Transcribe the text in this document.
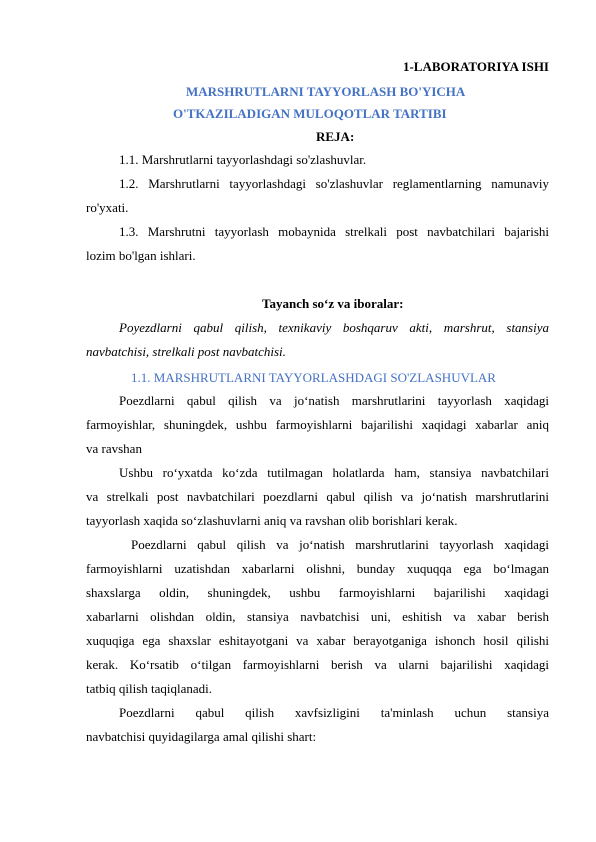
1-LABORATORIYA ISHI
MARSHRUTLARNI TAYYORLASH BO'YICHA
O'TKAZILADIGAN MULOQOTLAR TARTIBI
REJA:
1.1. Marshrutlarni tayyorlashdagi so'zlashuvlar.
1.2. Marshrutlarni tayyorlashdagi so'zlashuvlar reglamentlarning namunaviy
ro'yxati.
1.3. Marshrutni tayyorlash mobaynida strelkali post navbatchilari bajarishi
lozim bo'lgan ishlari.
Tayanch so‘z va iboralar:
Poyezdlarni qabul qilish, texnikaviy boshqaruv akti, marshrut, stansiya
navbatchisi, strelkali post navbatchisi.
1.1. MARSHRUTLARNI TAYYORLASHDAGI SO'ZLASHUVLAR
Poezdlarni qabul qilish va jo‘natish marshrutlarini tayyorlash xaqidagi
farmoyishlar, shuningdek, ushbu farmoyishlarni bajarilishi xaqidagi xabarlar aniq
va ravshan
Ushbu ro‘yxatda ko‘zda tutilmagan holatlarda ham, stansiya navbatchilari
va strelkali post navbatchilari poezdlarni qabul qilish va jo‘natish marshrutlarini
tayyorlash xaqida so‘zlashuvlarni aniq va ravshan olib borishlari kerak.
Poezdlarni qabul qilish va jo‘natish marshrutlarini tayyorlash xaqidagi
farmoyishlarni uzatishdan xabarlarni olishni, bunday xuquqqa ega bo‘lmagan
shaxslarga oldin, shuningdek, ushbu farmoyishlarni bajarilishi xaqidagi
xabarlarni olishdan oldin, stansiya navbatchisi uni, eshitish va xabar berish
xuquqiga ega shaxslar eshitayotgani va xabar berayotganiga ishonch hosil qilishi
kerak. Ko‘rsatib o‘tilgan farmoyishlarni berish va ularni bajarilishi xaqidagi
tatbiq qilish taqiqlanadi.
Poezdlarni qabul qilish xavfsizligini ta'minlash uchun stansiya
navbatchisi quyidagilarga amal qilishi shart:
